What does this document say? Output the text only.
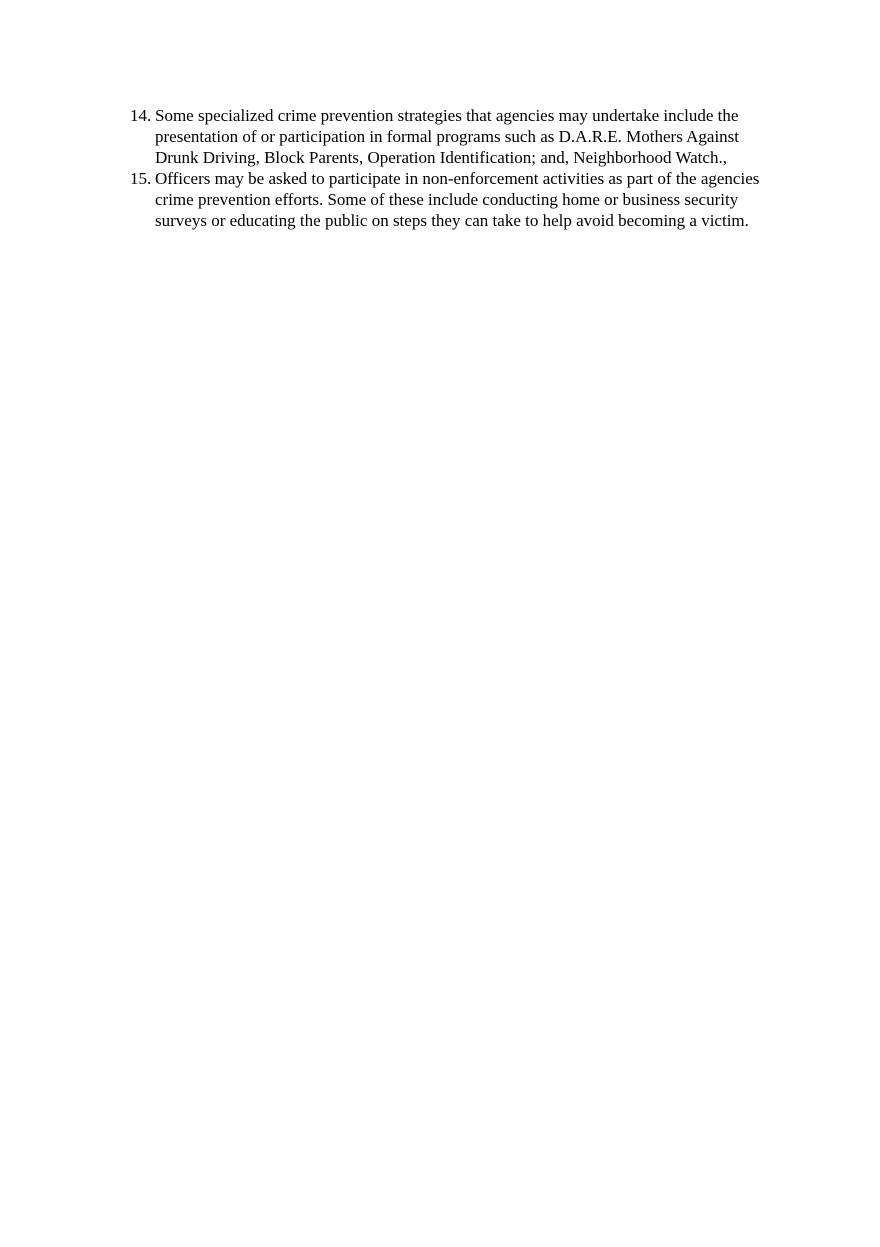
14. Some specialized crime prevention strategies that agencies may undertake include the presentation of or participation in formal programs such as D.A.R.E. Mothers Against Drunk Driving, Block Parents, Operation Identification; and, Neighborhood Watch.,
15. Officers may be asked to participate in non-enforcement activities as part of the agencies crime prevention efforts. Some of these include conducting home or business security surveys or educating the public on steps they can take to help avoid becoming a victim.
